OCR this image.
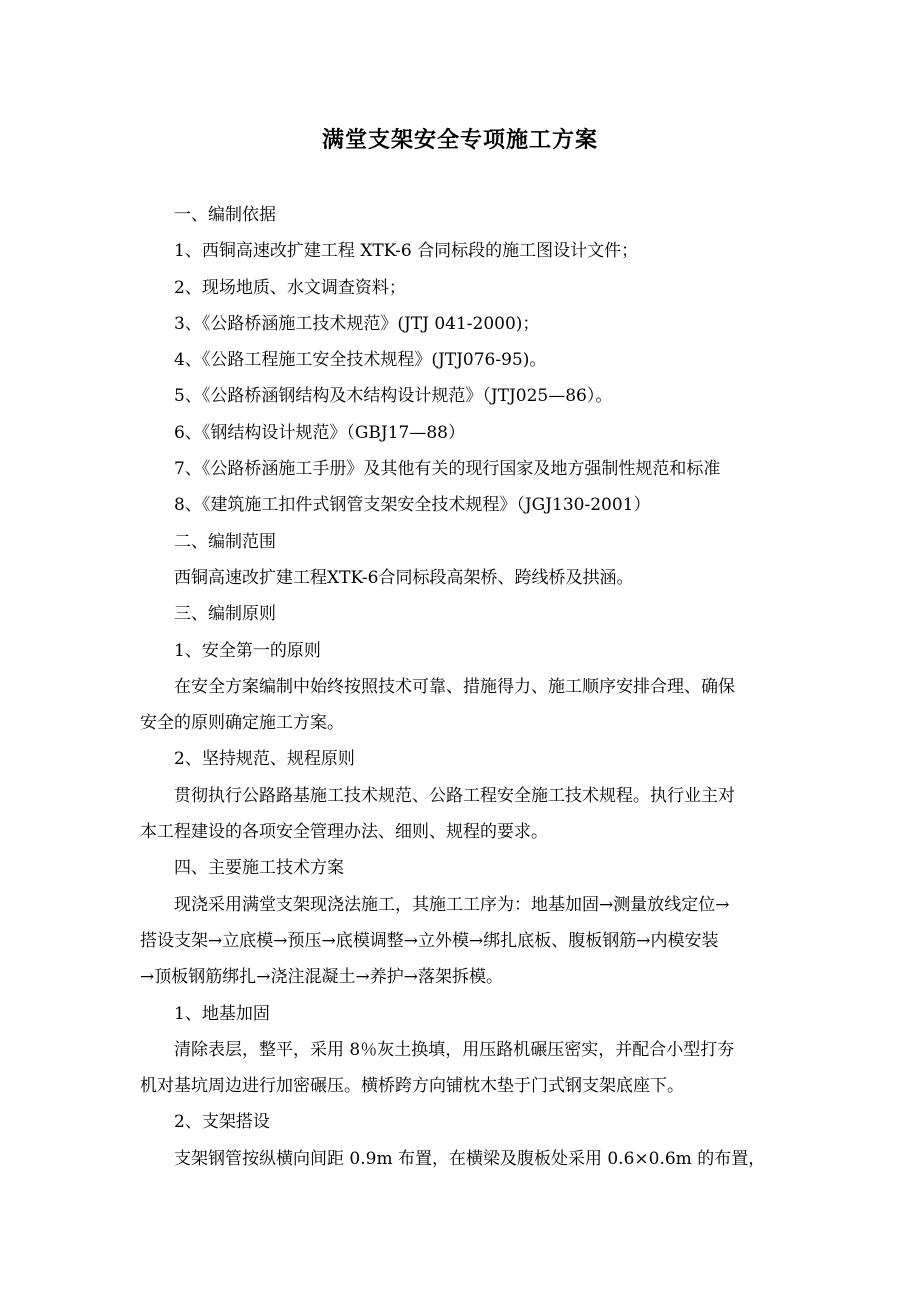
满堂支架安全专项施工方案
一、编制依据
1、西铜高速改扩建工程 XTK-6 合同标段的施工图设计文件；
2、现场地质、水文调查资料；
3、《公路桥涵施工技术规范》(JTJ 041-2000)；
4、《公路工程施工安全技术规程》(JTJ076-95)。
5、《公路桥涵钢结构及木结构设计规范》（JTJ025—86）。
6、《钢结构设计规范》（GBJ17—88）
7、《公路桥涵施工手册》及其他有关的现行国家及地方强制性规范和标准
8、《建筑施工扣件式钢管支架安全技术规程》（JGJ130-2001）
二、编制范围
西铜高速改扩建工程XTK-6合同标段高架桥、跨线桥及拱涵。
三、编制原则
1、安全第一的原则
在安全方案编制中始终按照技术可靠、措施得力、施工顺序安排合理、确保
安全的原则确定施工方案。
2、坚持规范、规程原则
贯彻执行公路路基施工技术规范、公路工程安全施工技术规程。执行业主对
本工程建设的各项安全管理办法、细则、规程的要求。
四、主要施工技术方案
现浇采用满堂支架现浇法施工，其施工工序为：地基加固→测量放线定位→
搭设支架→立底模→预压→底模调整→立外模→绑扎底板、腹板钢筋→内模安装
→顶板钢筋绑扎→浇注混凝土→养护→落架拆模。
1、地基加固
清除表层，整平，采用 8％灰土换填，用压路机碾压密实，并配合小型打夯
机对基坑周边进行加密碾压。横桥跨方向铺枕木垫于门式钢支架底座下。
2、支架搭设
支架钢管按纵横向间距 0.9m 布置，在横梁及腹板处采用 0.6×0.6m 的布置，
